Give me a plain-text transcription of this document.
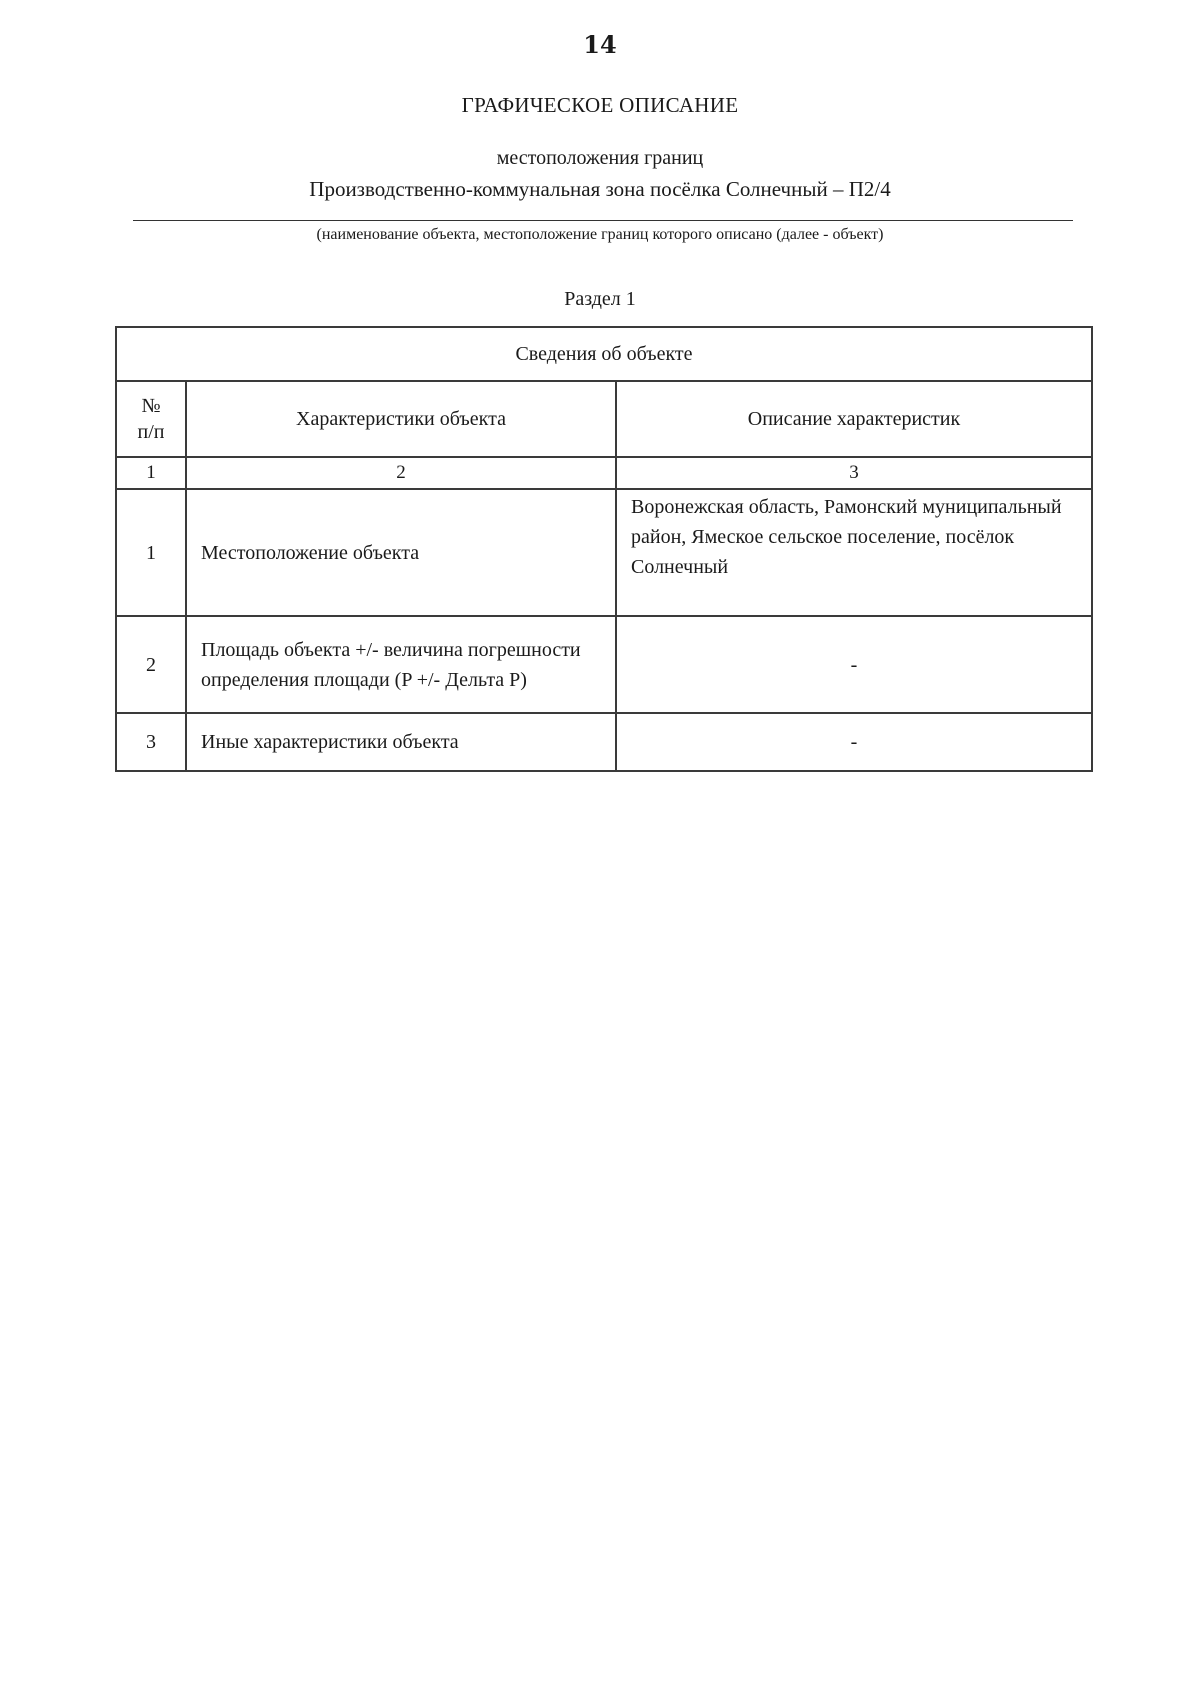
14
ГРАФИЧЕСКОЕ ОПИСАНИЕ
местоположения границ
Производственно-коммунальная зона посёлка Солнечный – П2/4
(наименование объекта, местоположение границ которого описано (далее - объект)
Раздел 1
Сведения об объекте		
№
п/п	Характеристики объекта	Описание характеристик
1	2	3
1	Местоположение объекта	Воронежская область, Рамонский муниципальный район, Ямеское сельское поселение, посёлок Солнечный
2	Площадь объекта +/- величина погрешности определения площади (P +/- Дельта P)	-
3	Иные характеристики объекта	-
